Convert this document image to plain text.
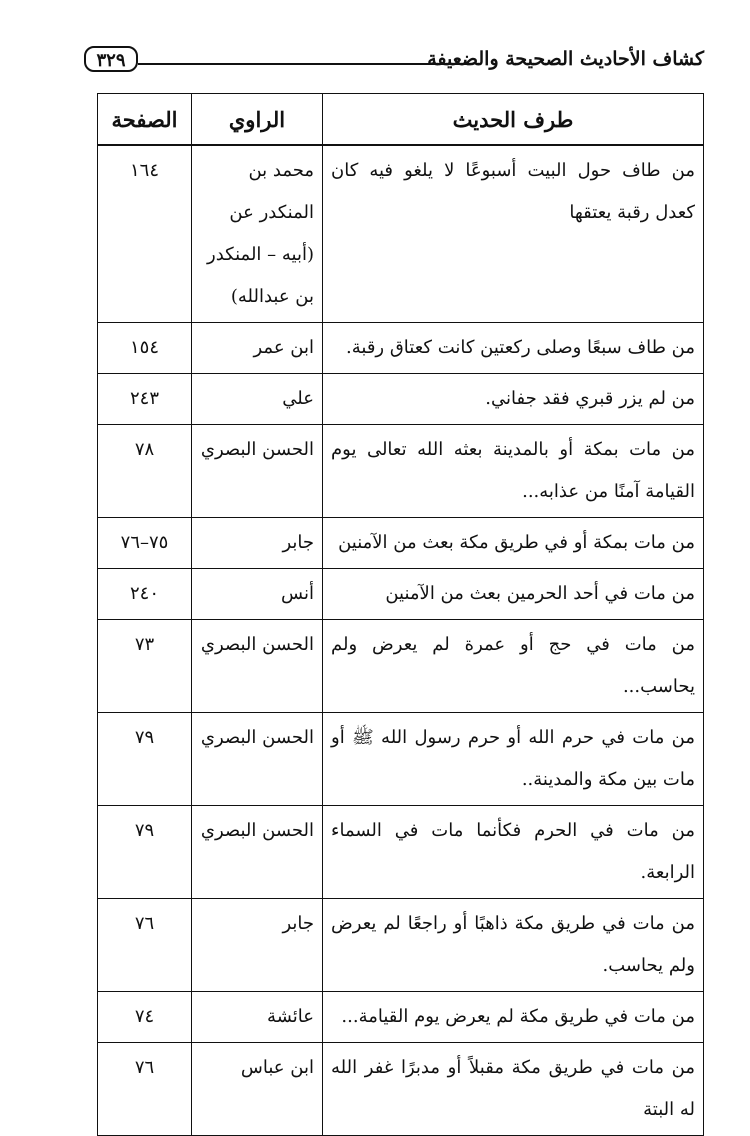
كشاف الأحاديث الصحيحة والضعيفة
٣٢٩
طرف الحديث	الراوي	الصفحة
من طاف حول البيت أسبوعًا لا يلغو فيه كان كعدل رقبة يعتقها	محمد بن المنكدر عن (أبيه – المنكدر بن عبدالله)	١٦٤
من طاف سبعًا وصلى ركعتين كانت كعتاق رقبة.	ابن عمر	١٥٤
من لم يزر قبري فقد جفاني.	علي	٢٤٣
من مات بمكة أو بالمدينة بعثه الله تعالى يوم القيامة آمنًا من عذابه...	الحسن البصري	٧٨
من مات بمكة أو في طريق مكة بعث من الآمنين	جابر	٧٥–٧٦
من مات في أحد الحرمين بعث من الآمنين	أنس	٢٤٠
من مات في حج أو عمرة لم يعرض ولم يحاسب...	الحسن البصري	٧٣
من مات في حرم الله أو حرم رسول الله ﷺ أو مات بين مكة والمدينة..	الحسن البصري	٧٩
من مات في الحرم فكأنما مات في السماء الرابعة.	الحسن البصري	٧٩
من مات في طريق مكة ذاهبًا أو راجعًا لم يعرض ولم يحاسب.	جابر	٧٦
من مات في طريق مكة لم يعرض يوم القيامة...	عائشة	٧٤
من مات في طريق مكة مقبلاً أو مدبرًا غفر الله له البتة	ابن عباس	٧٦
